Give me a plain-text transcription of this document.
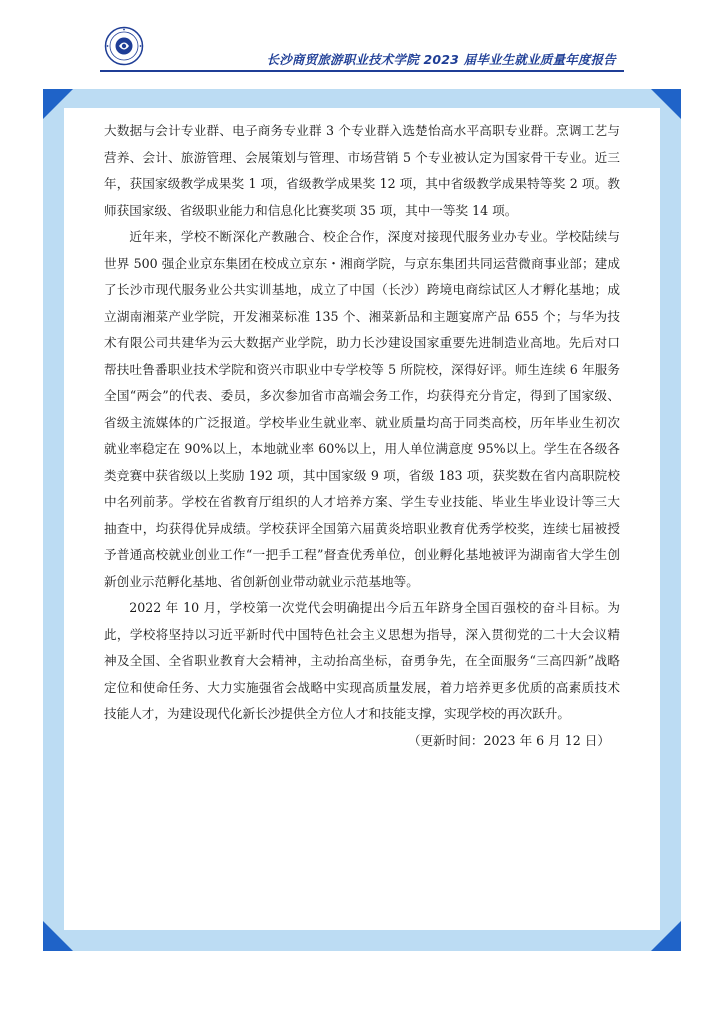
长沙商贸旅游职业技术学院 2023 届毕业生就业质量年度报告

大数据与会计专业群、电子商务专业群 3 个专业群入选楚怡高水平高职专业群。烹调工艺与营养、会计、旅游管理、会展策划与管理、市场营销 5 个专业被认定为国家骨干专业。近三年，获国家级教学成果奖 1 项，省级教学成果奖 12 项，其中省级教学成果特等奖 2 项。教师获国家级、省级职业能力和信息化比赛奖项 35 项，其中一等奖 14 项。

近年来，学校不断深化产教融合、校企合作，深度对接现代服务业办专业。学校陆续与世界 500 强企业京东集团在校成立京东・湘商学院，与京东集团共同运营微商事业部；建成了长沙市现代服务业公共实训基地，成立了中国（长沙）跨境电商综试区人才孵化基地；成立湖南湘菜产业学院，开发湘菜标准 135 个、湘菜新品和主题宴席产品 655 个；与华为技术有限公司共建华为云大数据产业学院，助力长沙建设国家重要先进制造业高地。先后对口帮扶吐鲁番职业技术学院和资兴市职业中专学校等 5 所院校，深得好评。师生连续 6 年服务全国“两会”的代表、委员，多次参加省市高端会务工作，均获得充分肯定，得到了国家级、省级主流媒体的广泛报道。学校毕业生就业率、就业质量均高于同类高校，历年毕业生初次就业率稳定在 90%以上，本地就业率 60%以上，用人单位满意度 95%以上。学生在各级各类竞赛中获省级以上奖励 192 项，其中国家级 9 项，省级 183 项，获奖数在省内高职院校中名列前茅。学校在省教育厅组织的人才培养方案、学生专业技能、毕业生毕业设计等三大抽查中，均获得优异成绩。学校获评全国第六届黄炎培职业教育优秀学校奖，连续七届被授予普通高校就业创业工作“一把手工程”督查优秀单位，创业孵化基地被评为湖南省大学生创新创业示范孵化基地、省创新创业带动就业示范基地等。

2022 年 10 月，学校第一次党代会明确提出今后五年跻身全国百强校的奋斗目标。为此，学校将坚持以习近平新时代中国特色社会主义思想为指导，深入贯彻党的二十大会议精神及全国、全省职业教育大会精神，主动抬高坐标，奋勇争先，在全面服务“三高四新”战略定位和使命任务、大力实施强省会战略中实现高质量发展，着力培养更多优质的高素质技术技能人才，为建设现代化新长沙提供全方位人才和技能支撑，实现学校的再次跃升。

（更新时间：2023 年 6 月 12 日）
